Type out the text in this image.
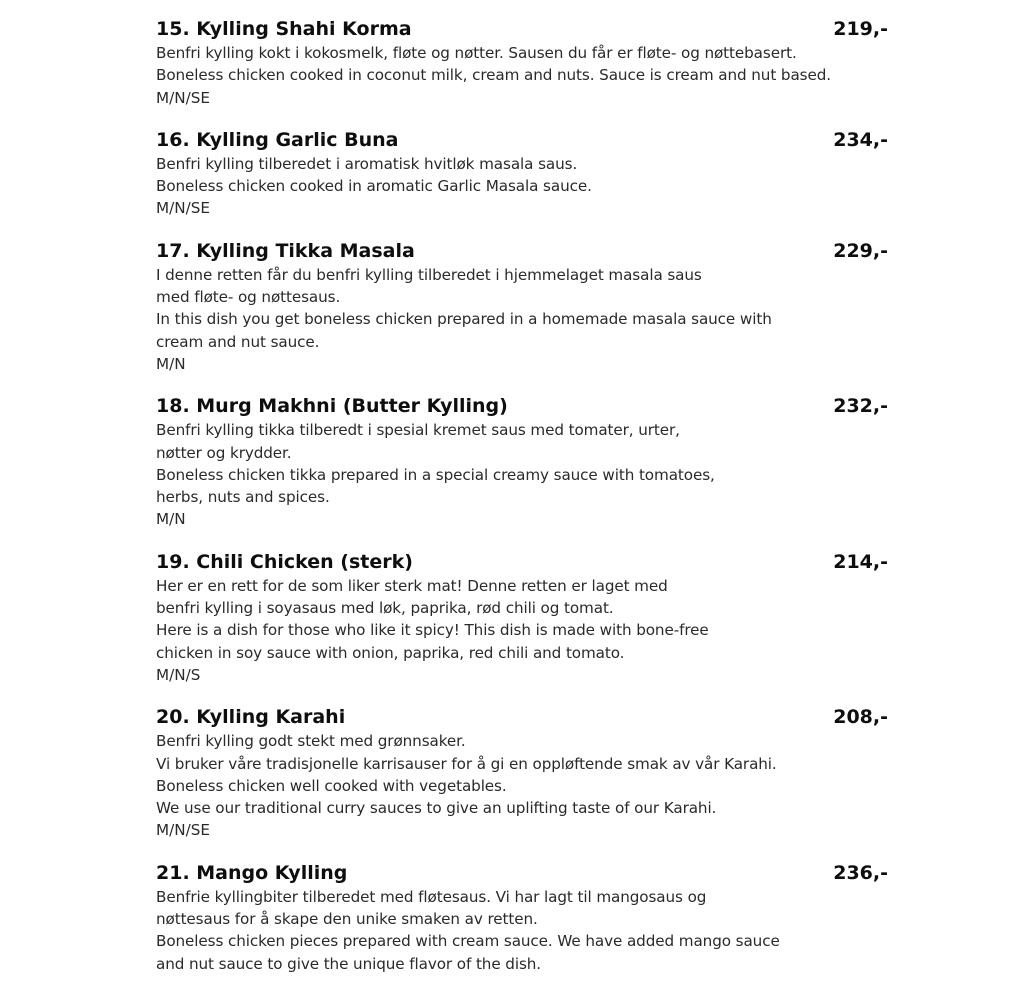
15. Kylling Shahi Korma	219,-
Benfri kylling kokt i kokosmelk, fløte og nøtter. Sausen du får er fløte- og nøttebasert.
Boneless chicken cooked in coconut milk, cream and nuts. Sauce is cream and nut based.
M/N/SE
16. Kylling Garlic Buna	234,-
Benfri kylling tilberedet i aromatisk hvitløk masala saus.
Boneless chicken cooked in aromatic Garlic Masala sauce.
M/N/SE
17. Kylling Tikka Masala	229,-
I denne retten får du benfri kylling tilberedet i hjemmelaget masala saus
med fløte- og nøttesaus.
In this dish you get boneless chicken prepared in a homemade masala sauce with
cream and nut sauce.
M/N
18. Murg Makhni (Butter Kylling)	232,-
Benfri kylling tikka tilberedt i spesial kremet saus med tomater, urter,
nøtter og krydder.
Boneless chicken tikka prepared in a special creamy sauce with tomatoes,
herbs, nuts and spices.
M/N
19. Chili Chicken (sterk)	214,-
Her er en rett for de som liker sterk mat! Denne retten er laget med
benfri kylling i soyasaus med løk, paprika, rød chili og tomat.
Here is a dish for those who like it spicy! This dish is made with bone-free
chicken in soy sauce with onion, paprika, red chili and tomato.
M/N/S
20. Kylling Karahi	208,-
Benfri kylling godt stekt med grønnsaker.
Vi bruker våre tradisjonelle karrisauser for å gi en oppløftende smak av vår Karahi.
Boneless chicken well cooked with vegetables.
We use our traditional curry sauces to give an uplifting taste of our Karahi.
M/N/SE
21. Mango Kylling	236,-
Benfrie kyllingbiter tilberedet med fløtesaus. Vi har lagt til mangosaus og
nøttesaus for å skape den unike smaken av retten.
Boneless chicken pieces prepared with cream sauce. We have added mango sauce
and nut sauce to give the unique flavor of the dish.
